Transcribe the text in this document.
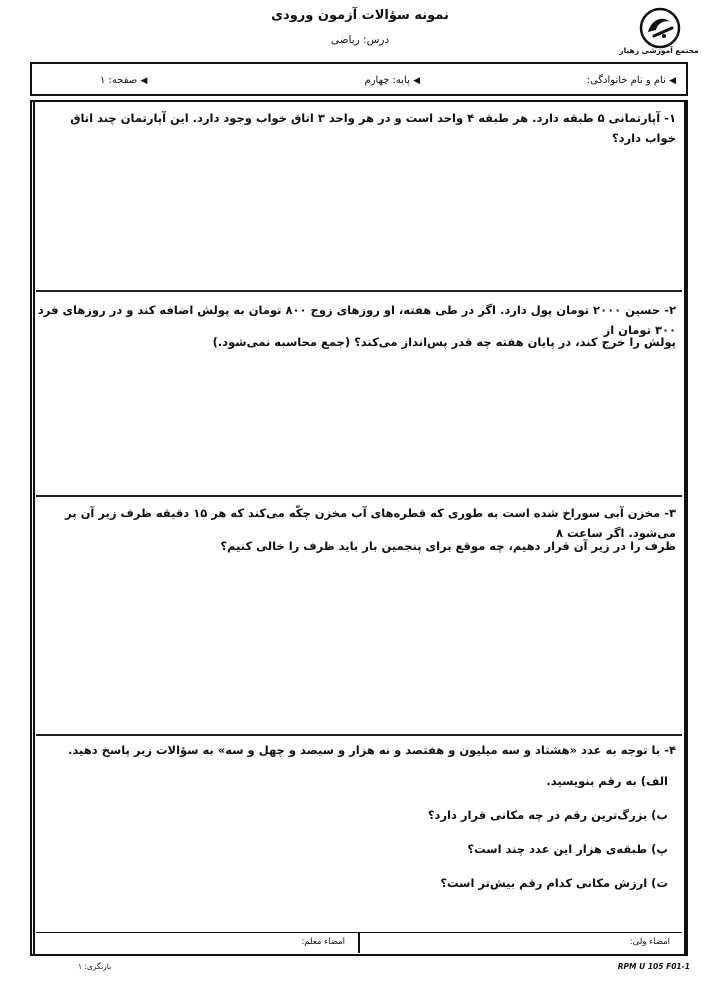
نمونه سؤالات آزمون ورودی
درس: ریاضی
مجتمع آموزشی رهیار
◀ نام و نام خانوادگی:
◀ پایه: چهارم
◀ صفحه: ۱
۱- آپارتمانی ۵ طبقه دارد. هر طبقه ۴ واحد است و در هر واحد ۳ اتاق خواب وجود دارد. این آپارتمان چند اتاق خواب دارد؟
۲- حسین ۲۰۰۰ تومان پول دارد. اگر در طی هفته، او روزهای زوج ۸۰۰ تومان به پولش اضافه کند و در روزهای فرد ۳۰۰ تومان از
پولش را خرج کند، در پایان هفته چه قدر پس‌انداز می‌کند؟ (جمع محاسبه نمی‌شود.)
۳- مخزن آبی سوراخ شده است به طوری که قطره‌های آب مخزن چکّه می‌کند که هر ۱۵ دقیقه ظرف زیر آن پر می‌شود. اگر ساعت ۸
ظرف را در زیر آن قرار دهیم، چه موقع برای پنجمین بار باید ظرف را خالی کنیم؟
۴- با توجه به عدد «هشتاد و سه میلیون و هفتصد و نه هزار و سیصد و چهل و سه» به سؤالات زیر پاسخ دهید.
الف) به رقم بنویسید.
ب) بزرگ‌ترین رقم در چه مکانی قرار دارد؟
پ) طبقه‌ی هزار این عدد چند است؟
ت) ارزش مکانی کدام رقم بیش‌تر است؟
امضاء ولی:
امضاء معلم:
RPM U 105 F01-1
بازنگری: ۱
